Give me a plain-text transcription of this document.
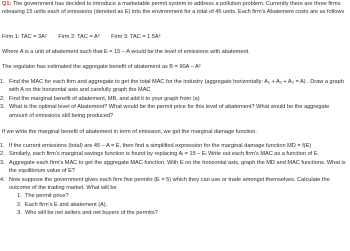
Q1: The government has decided to introduce a marketable permit system to address a pollution problem. Currently there are three firms releasing 15 units each of emissions (denoted as E) into the environment for a total of 45 units. Each firm's Abatement costs are as follows

Firm 1: TAC = 3A² Firm 2: TAC = A² Firm 3: TAC = 1.5A²

Where A is a unit of abatement such that E = 15 – A would be the level of emissions with abatement.

The regulator has estimated the aggregate benefit of abatement as B = 90A – A²

1. Find the MAC for each firm and aggregate to get the total MAC for the industry (aggregate horizontally: A₁ + A₂ + A₃ = A) . Draw a graph with A on the horizontal axis and carefully graph the MAC
2. Find the marginal benefit of abatement, MB, and add it to your graph from (a)
3. What is the optimal level of Abatement? What would be the permit price for this level of abatement? What would be the aggregate amount of emissions still being produced?

If we write the marginal benefit of abatement in term of emission, we get the marginal damage function.

1. If the current emissions (total) are 45 – A = E, then find a simplified expression for the marginal damage function MD = f(E)
2. Similarly, each firm's marginal savings function is found by replacing Aᵢ = 15 – Eᵢ Write out each firm's MAC as a function of E.
3. Aggregate each firm's MAC to get the aggregate MAC function. With E on the horizontal axis, graph the MD and MAC functions. What is the equilibrium value of E?
4. Now suppose the government gives each firm five permits (E = 5) which they can use or trade amongst themselves. Calculate the outcome of the trading market. What will be
1. The permit price?
2. Each firm's E and abatement (A).
3. Who will be net sellers and net buyers of the permits?
